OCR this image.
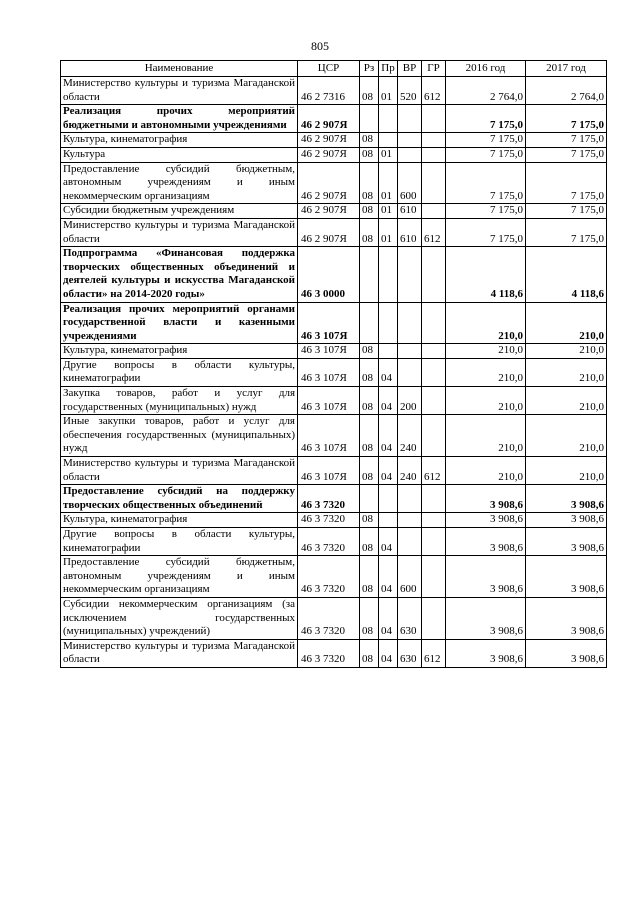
805
Наименование	ЦСР	Рз	Пр	ВР	ГР	2016 год	2017 год
Министерство культуры и туризма Магаданской области	46 2 7316	08	01	520	612	2 764,0	2 764,0
Реализация прочих мероприятий бюджетными и автономными учреждениями	46 2 907Я					7 175,0	7 175,0
Культура, кинематография	46 2 907Я	08				7 175,0	7 175,0
Культура	46 2 907Я	08	01			7 175,0	7 175,0
Предоставление субсидий бюджетным, автономным учреждениям и иным некоммерческим организациям	46 2 907Я	08	01	600		7 175,0	7 175,0
Субсидии бюджетным учреждениям	46 2 907Я	08	01	610		7 175,0	7 175,0
Министерство культуры и туризма Магаданской области	46 2 907Я	08	01	610	612	7 175,0	7 175,0
Подпрограмма «Финансовая поддержка творческих общественных объединений и деятелей культуры и искусства Магаданской области» на 2014-2020 годы»	46 3 0000					4 118,6	4 118,6
Реализация прочих мероприятий органами государственной власти и казенными учреждениями	46 3 107Я					210,0	210,0
Культура, кинематография	46 3 107Я	08				210,0	210,0
Другие вопросы в области культуры, кинематографии	46 3 107Я	08	04			210,0	210,0
Закупка товаров, работ и услуг для государственных (муниципальных) нужд	46 3 107Я	08	04	200		210,0	210,0
Иные закупки товаров, работ и услуг для обеспечения государственных (муниципальных) нужд	46 3 107Я	08	04	240		210,0	210,0
Министерство культуры и туризма Магаданской области	46 3 107Я	08	04	240	612	210,0	210,0
Предоставление субсидий на поддержку творческих общественных объединений	46 3 7320					3 908,6	3 908,6
Культура, кинематография	46 3 7320	08				3 908,6	3 908,6
Другие вопросы в области культуры, кинематографии	46 3 7320	08	04			3 908,6	3 908,6
Предоставление субсидий бюджетным, автономным учреждениям и иным некоммерческим организациям	46 3 7320	08	04	600		3 908,6	3 908,6
Субсидии некоммерческим организациям (за исключением государственных (муниципальных) учреждений)	46 3 7320	08	04	630		3 908,6	3 908,6
Министерство культуры и туризма Магаданской области	46 3 7320	08	04	630	612	3 908,6	3 908,6
